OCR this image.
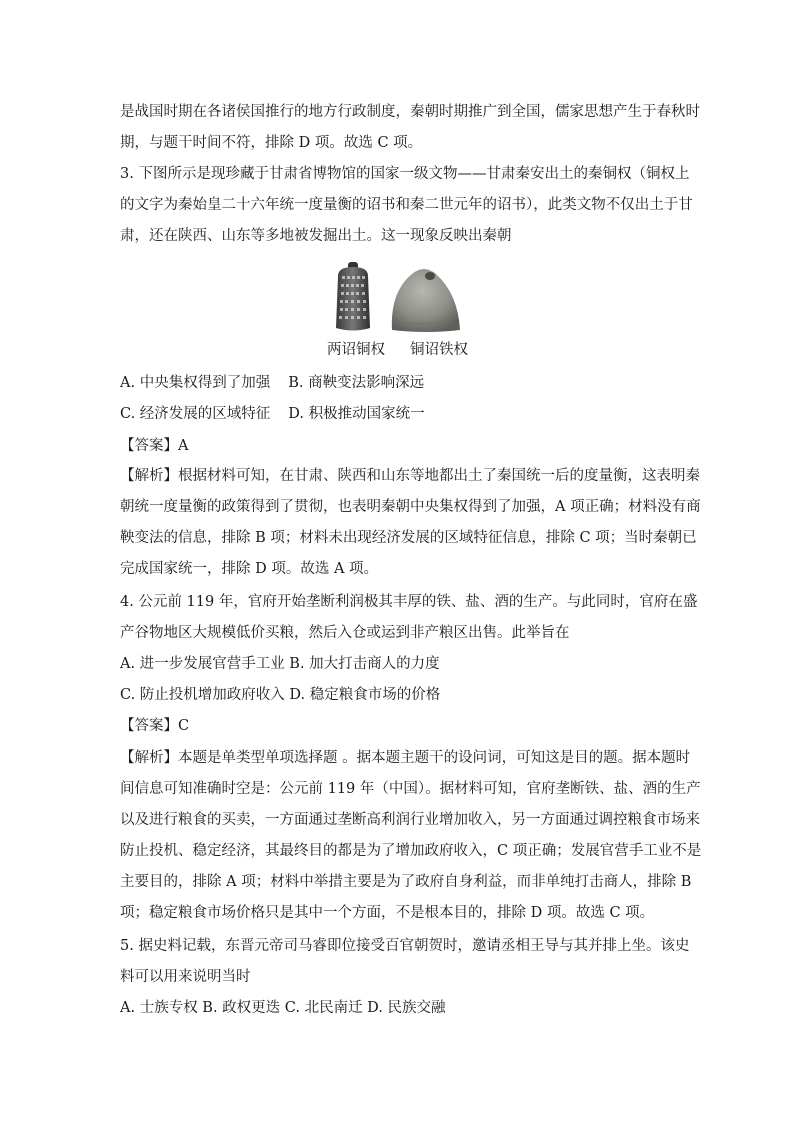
是战国时期在各诸侯国推行的地方行政制度，秦朝时期推广到全国，儒家思想产生于春秋时
期，与题干时间不符，排除 D 项。故选 C 项。
3. 下图所示是现珍藏于甘肃省博物馆的国家一级文物——甘肃秦安出土的秦铜权（铜权上
的文字为秦始皇二十六年统一度量衡的诏书和秦二世元年的诏书），此类文物不仅出土于甘
肃，还在陕西、山东等多地被发掘出土。这一现象反映出秦朝
两诏铜权 铜诏铁权
A. 中央集权得到了加强 B. 商鞅变法影响深远
C. 经济发展的区域特征 D. 积极推动国家统一
【答案】A
【解析】根据材料可知，在甘肃、陕西和山东等地都出土了秦国统一后的度量衡，这表明秦
朝统一度量衡的政策得到了贯彻，也表明秦朝中央集权得到了加强，A 项正确；材料没有商
鞅变法的信息，排除 B 项；材料未出现经济发展的区域特征信息，排除 C 项；当时秦朝已
完成国家统一，排除 D 项。故选 A 项。
4. 公元前 119 年，官府开始垄断利润极其丰厚的铁、盐、酒的生产。与此同时，官府在盛
产谷物地区大规模低价买粮，然后入仓或运到非产粮区出售。此举旨在
A. 进一步发展官营手工业 B. 加大打击商人的力度
C. 防止投机增加政府收入 D. 稳定粮食市场的价格
【答案】C
【解析】本题是单类型单项选择题 。据本题主题干的设问词，可知这是目的题。据本题时
间信息可知准确时空是：公元前 119 年（中国）。据材料可知，官府垄断铁、盐、酒的生产
以及进行粮食的买卖，一方面通过垄断高利润行业增加收入，另一方面通过调控粮食市场来
防止投机、稳定经济，其最终目的都是为了增加政府收入，C 项正确；发展官营手工业不是
主要目的，排除 A 项；材料中举措主要是为了政府自身利益，而非单纯打击商人，排除 B
项；稳定粮食市场价格只是其中一个方面，不是根本目的，排除 D 项。故选 C 项。
5. 据史料记载，东晋元帝司马睿即位接受百官朝贺时，邀请丞相王导与其并排上坐。该史
料可以用来说明当时
A. 士族专权 B. 政权更迭 C. 北民南迁 D. 民族交融
